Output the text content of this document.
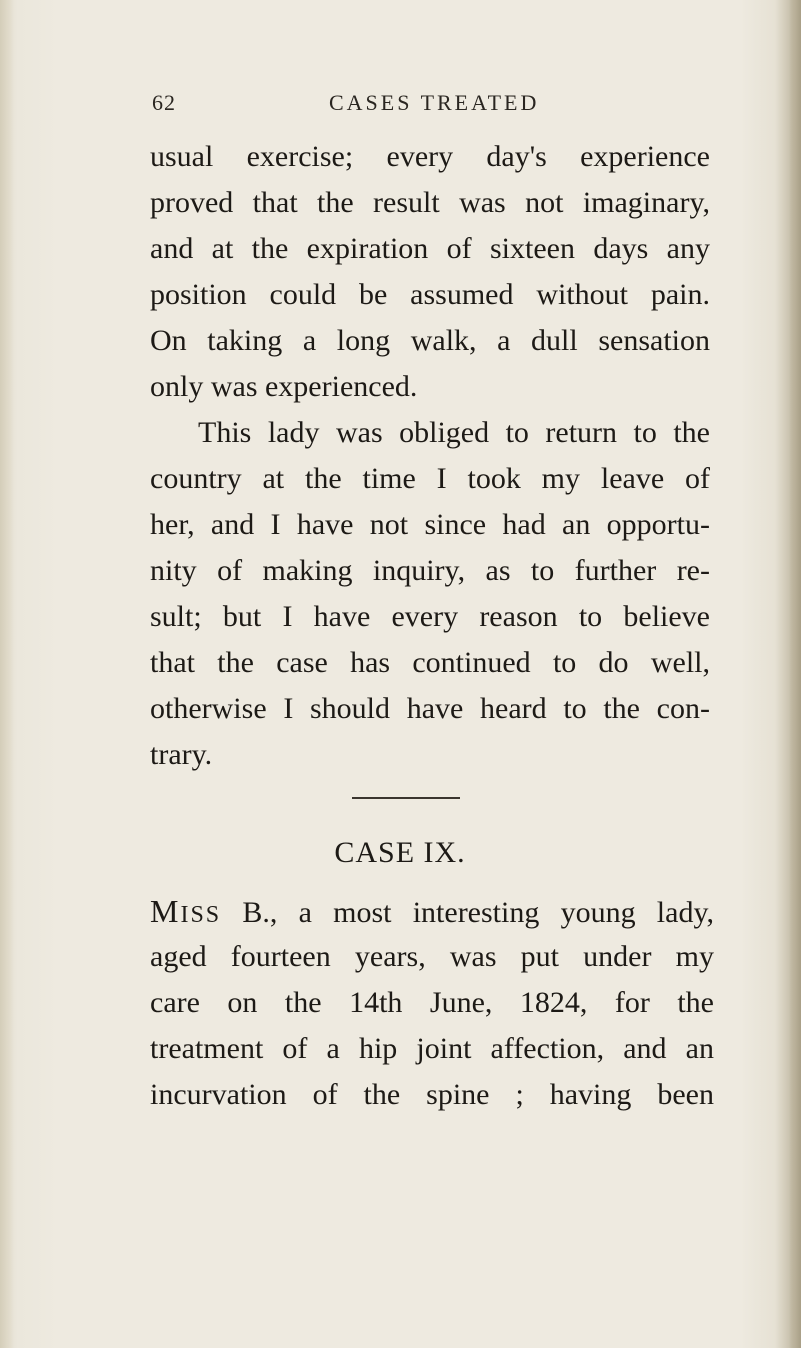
62	CASES TREATED
usual exercise; every day's experience
proved that the result was not imaginary,
and at the expiration of sixteen days any
position could be assumed without pain.
On taking a long walk, a dull sensation
only was experienced.
This lady was obliged to return to the
country at the time I took my leave of
her, and I have not since had an opportu-
nity of making inquiry, as to further re-
sult; but I have every reason to believe
that the case has continued to do well,
otherwise I should have heard to the con-
trary.
CASE IX.
MISS B., a most interesting young lady,
aged fourteen years, was put under my
care on the 14th June, 1824, for the
treatment of a hip joint affection, and an
incurvation of the spine ; having been
